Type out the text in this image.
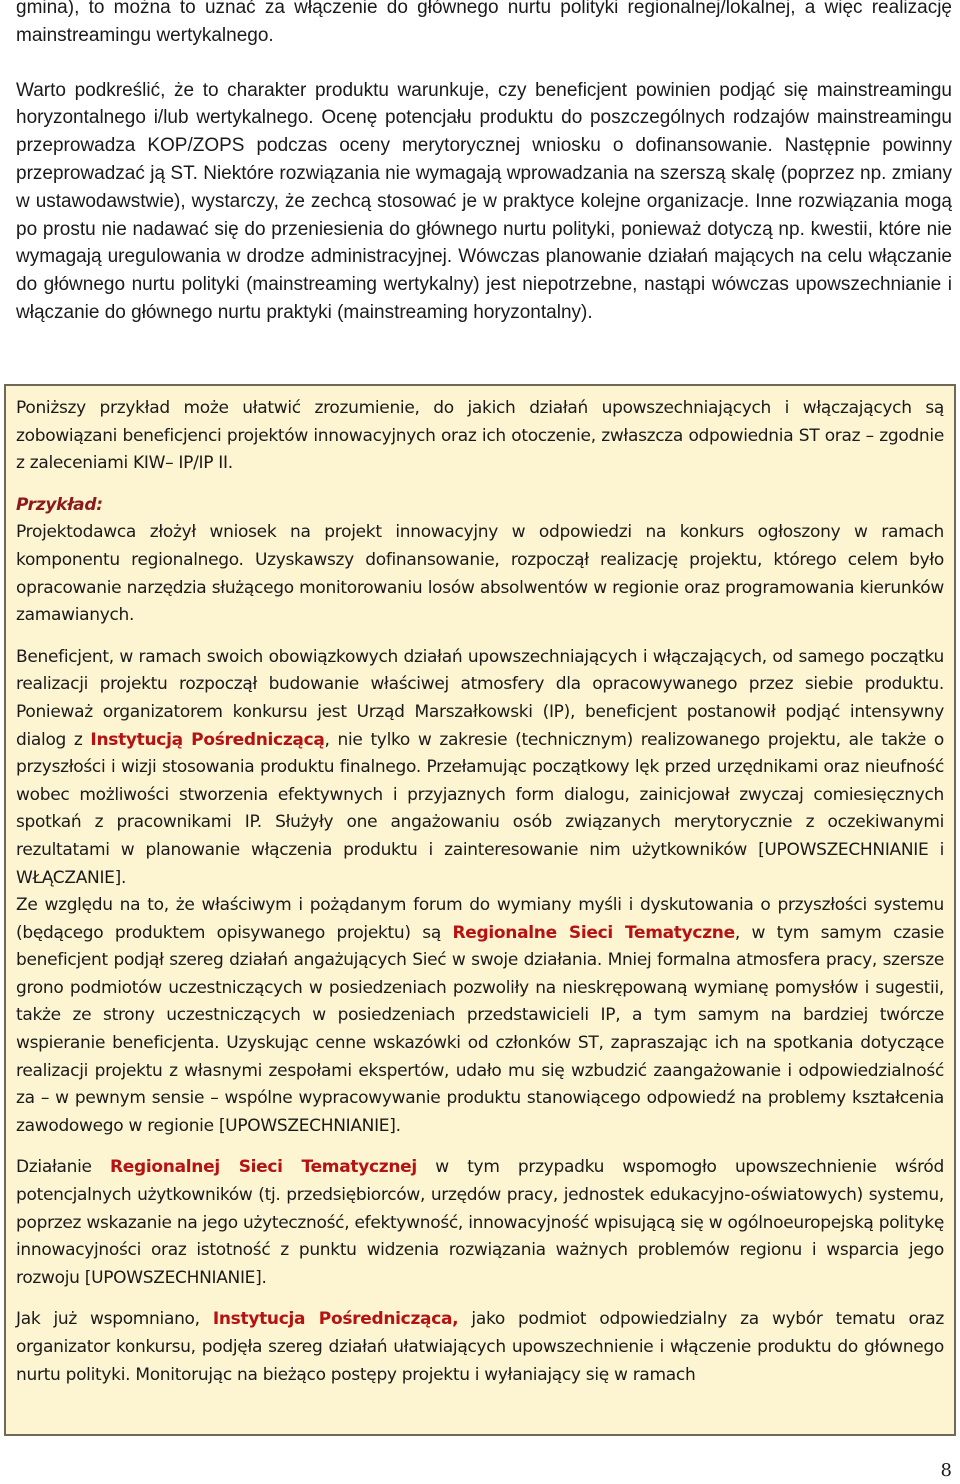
gmina), to można to uznać za włączenie do głównego nurtu polityki regionalnej/lokalnej, a więc realizację mainstreamingu wertykalnego.

Warto podkreślić, że to charakter produktu warunkuje, czy beneficjent powinien podjąć się mainstreamingu horyzontalnego i/lub wertykalnego. Ocenę potencjału produktu do poszczególnych rodzajów mainstreamingu przeprowadza KOP/ZOPS podczas oceny merytorycznej wniosku o dofinansowanie. Następnie powinny przeprowadzać ją ST. Niektóre rozwiązania nie wymagają wprowadzania na szerszą skalę (poprzez np. zmiany w ustawodawstwie), wystarczy, że zechcą stosować je w praktyce kolejne organizacje. Inne rozwiązania mogą po prostu nie nadawać się do przeniesienia do głównego nurtu polityki, ponieważ dotyczą np. kwestii, które nie wymagają uregulowania w drodze administracyjnej. Wówczas planowanie działań mających na celu włączanie do głównego nurtu polityki (mainstreaming wertykalny) jest niepotrzebne, nastąpi wówczas upowszechnianie i włączanie do głównego nurtu praktyki (mainstreaming horyzontalny).

Poniższy przykład może ułatwić zrozumienie, do jakich działań upowszechniających i włączających są zobowiązani beneficjenci projektów innowacyjnych oraz ich otoczenie, zwłaszcza odpowiednia ST oraz – zgodnie z zaleceniami KIW– IP/IP II.

Przykład:
Projektodawca złożył wniosek na projekt innowacyjny w odpowiedzi na konkurs ogłoszony w ramach komponentu regionalnego. Uzyskawszy dofinansowanie, rozpoczął realizację projektu, którego celem było opracowanie narzędzia służącego monitorowaniu losów absolwentów w regionie oraz programowania kierunków zamawianych.

Beneficjent, w ramach swoich obowiązkowych działań upowszechniających i włączających, od samego początku realizacji projektu rozpoczął budowanie właściwej atmosfery dla opracowywanego przez siebie produktu. Ponieważ organizatorem konkursu jest Urząd Marszałkowski (IP), beneficjent postanowił podjąć intensywny dialog z Instytucją Pośredniczącą, nie tylko w zakresie (technicznym) realizowanego projektu, ale także o przyszłości i wizji stosowania produktu finalnego. Przełamując początkowy lęk przed urzędnikami oraz nieufność wobec możliwości stworzenia efektywnych i przyjaznych form dialogu, zainicjował zwyczaj comiesięcznych spotkań z pracownikami IP. Służyły one angażowaniu osób związanych merytorycznie z oczekiwanymi rezultatami w planowanie włączenia produktu i zainteresowanie nim użytkowników [UPOWSZECHNIANIE i WŁĄCZANIE].

Ze względu na to, że właściwym i pożądanym forum do wymiany myśli i dyskutowania o przyszłości systemu (będącego produktem opisywanego projektu) są Regionalne Sieci Tematyczne, w tym samym czasie beneficjent podjął szereg działań angażujących Sieć w swoje działania. Mniej formalna atmosfera pracy, szersze grono podmiotów uczestniczących w posiedzeniach pozwoliły na nieskrępowaną wymianę pomysłów i sugestii, także ze strony uczestniczących w posiedzeniach przedstawicieli IP, a tym samym na bardziej twórcze wspieranie beneficjenta. Uzyskując cenne wskazówki od członków ST, zapraszając ich na spotkania dotyczące realizacji projektu z własnymi zespołami ekspertów, udało mu się wzbudzić zaangażowanie i odpowiedzialność za – w pewnym sensie – wspólne wypracowywanie produktu stanowiącego odpowiedź na problemy kształcenia zawodowego w regionie [UPOWSZECHNIANIE].

Działanie Regionalnej Sieci Tematycznej w tym przypadku wspomogło upowszechnienie wśród potencjalnych użytkowników (tj. przedsiębiorców, urzędów pracy, jednostek edukacyjno-oświatowych) systemu, poprzez wskazanie na jego użyteczność, efektywność, innowacyjność wpisującą się w ogólnoeuropejską politykę innowacyjności oraz istotność z punktu widzenia rozwiązania ważnych problemów regionu i wsparcia jego rozwoju [UPOWSZECHNIANIE].

Jak już wspomniano, Instytucja Pośrednicząca, jako podmiot odpowiedzialny za wybór tematu oraz organizator konkursu, podjęła szereg działań ułatwiających upowszechnienie i włączenie produktu do głównego nurtu polityki. Monitorując na bieżąco postępy projektu i wyłaniający się w ramach

8
